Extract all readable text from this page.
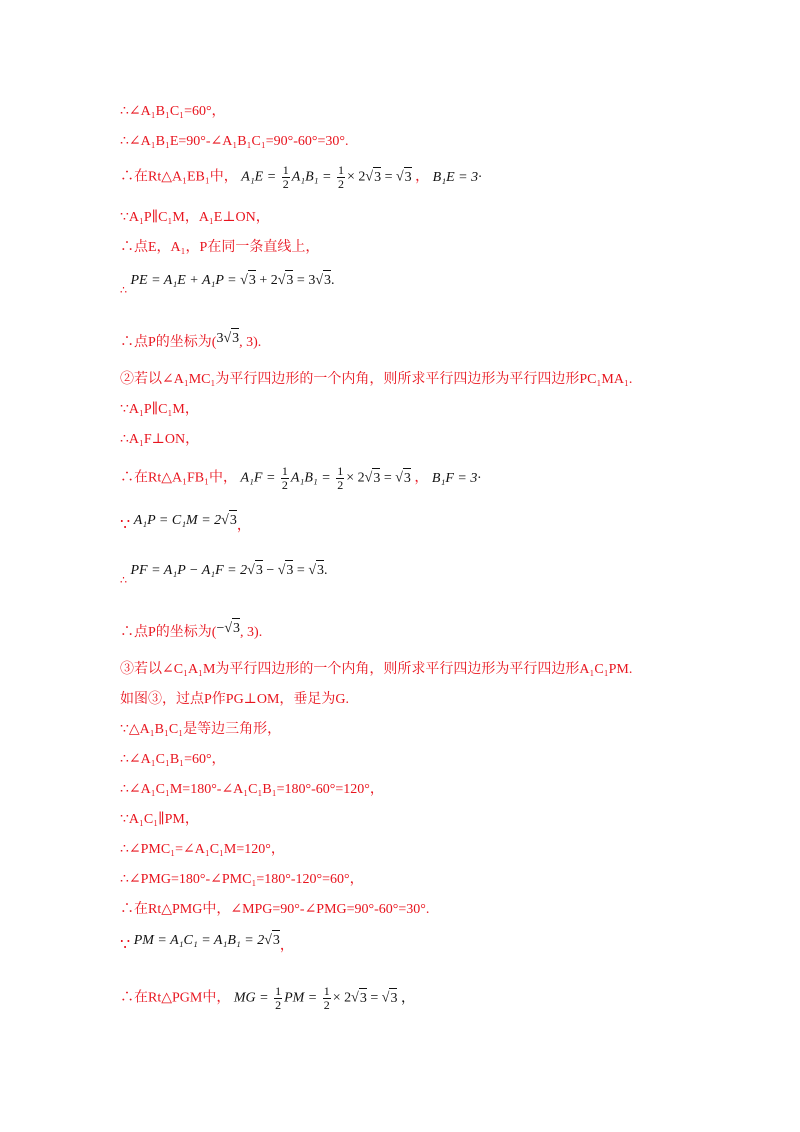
∴∠A₁B₁C₁=60°，
∴∠A₁B₁E=90°-∠A₁B₁C₁=90°-60°=30°.
∴在Rt△A₁EB₁中， $A_1E = \frac{1}{2} A_1B_1 = \frac{1}{2} \times 2√3 = √3$ ， B₁E = 3·
∵A₁P∥C₁M，A₁E⊥ON，
∴点E，A₁，P在同一条直线上，
$_\therefore$ PE = A₁E + A₁P = √3 + 2√3 = 3√3.
∴点P的坐标为(3√3, 3).
②若以∠A₁MC₁为平行四边形的一个内角，则所求平行四边形为平行四边形PC₁MA₁.
∵A₁P∥C₁M，
∴A₁F⊥ON，
∴在Rt△A₁FB₁中， $A_1F = \frac{1}{2} A_1B_1 = \frac{1}{2} \times 2√3 = √3$ ， B₁F = 3·
∵ A₁P = C₁M = 2√3，
$_\therefore$ PF = A₁P − A₁F = 2√3 − √3 = √3.
∴点P的坐标为(−√3, 3).
③若以∠C₁A₁M为平行四边形的一个内角，则所求平行四边形为平行四边形A₁C₁PM.
如图③，过点P作PG⊥OM，垂足为G.
∵△A₁B₁C₁是等边三角形，
∴∠A₁C₁B₁=60°，
∴∠A₁C₁M=180°-∠A₁C₁B₁=180°-60°=120°，
∵A₁C₁∥PM，
∴∠PMC₁=∠A₁C₁M=120°，
∴∠PMG=180°-∠PMC₁=180°-120°=60°，
∴在Rt△PMG中，∠MPG=90°-∠PMG=90°-60°=30°.
∵ PM = A₁C₁ = A₁B₁ = 2√3，
∴在Rt△PGM中， MG = $\frac{1}{2}$ PM = $\frac{1}{2} \times 2√3 = √3$ ，
